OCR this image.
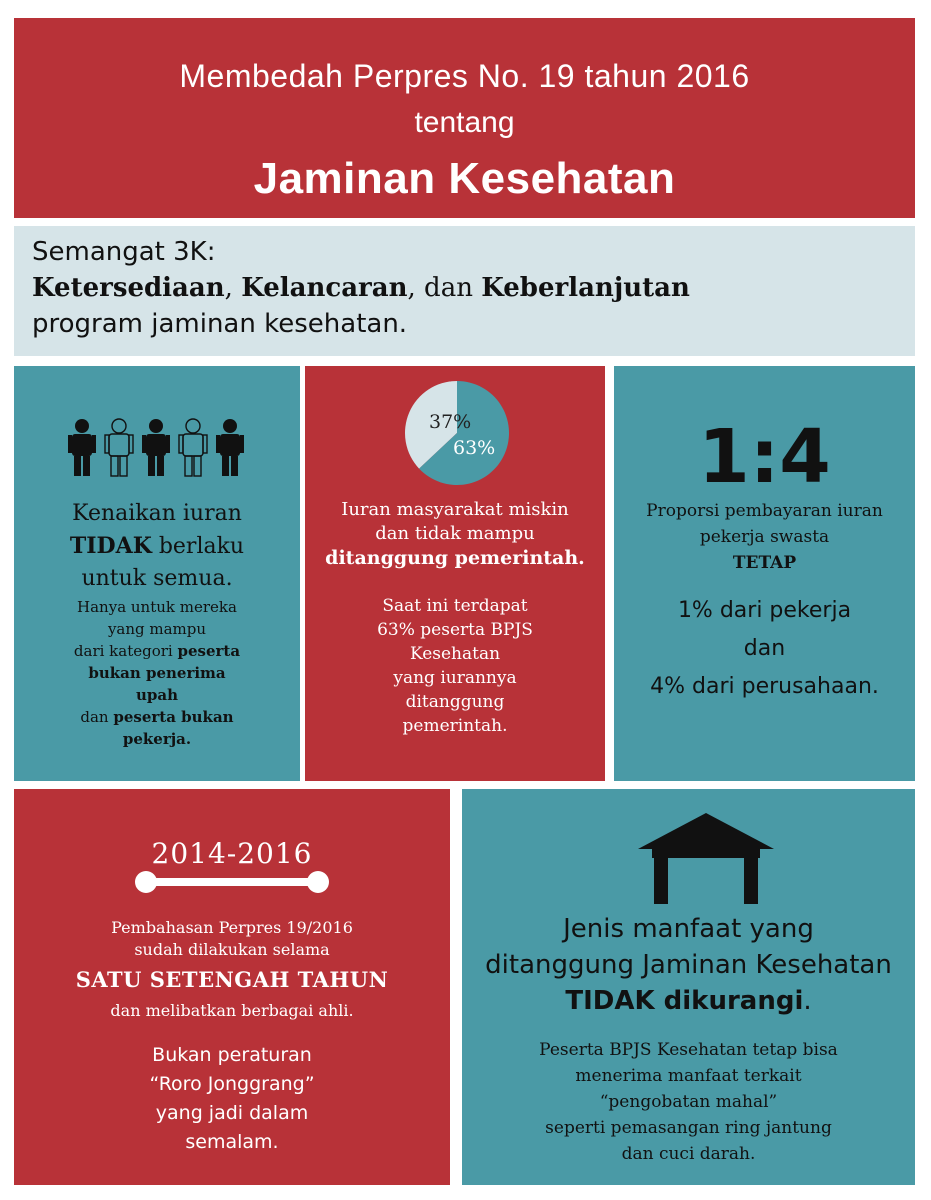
Membedah Perpres No. 19 tahun 2016
tentang
Jaminan Kesehatan
Semangat 3K:
Ketersediaan, Kelancaran, dan Keberlanjutan
program jaminan kesehatan.
Kenaikan iuran
TIDAK berlaku
untuk semua.
Hanya untuk mereka
yang mampu
dari kategori peserta
bukan penerima
upah
dan peserta bukan
pekerja.
37%
63%
Iuran masyarakat miskin
dan tidak mampu
ditanggung pemerintah.
Saat ini terdapat
63% peserta BPJS
Kesehatan
yang iurannya
ditanggung
pemerintah.
1:4
Proporsi pembayaran iuran
pekerja swasta
TETAP
1% dari pekerja
dan
4% dari perusahaan.
2014-2016
Pembahasan Perpres 19/2016
sudah dilakukan selama
SATU SETENGAH TAHUN
dan melibatkan berbagai ahli.
Bukan peraturan
“Roro Jonggrang”
yang jadi dalam
semalam.
Jenis manfaat yang
ditanggung Jaminan Kesehatan
TIDAK dikurangi.
Peserta BPJS Kesehatan tetap bisa
menerima manfaat terkait
“pengobatan mahal”
seperti pemasangan ring jantung
dan cuci darah.
